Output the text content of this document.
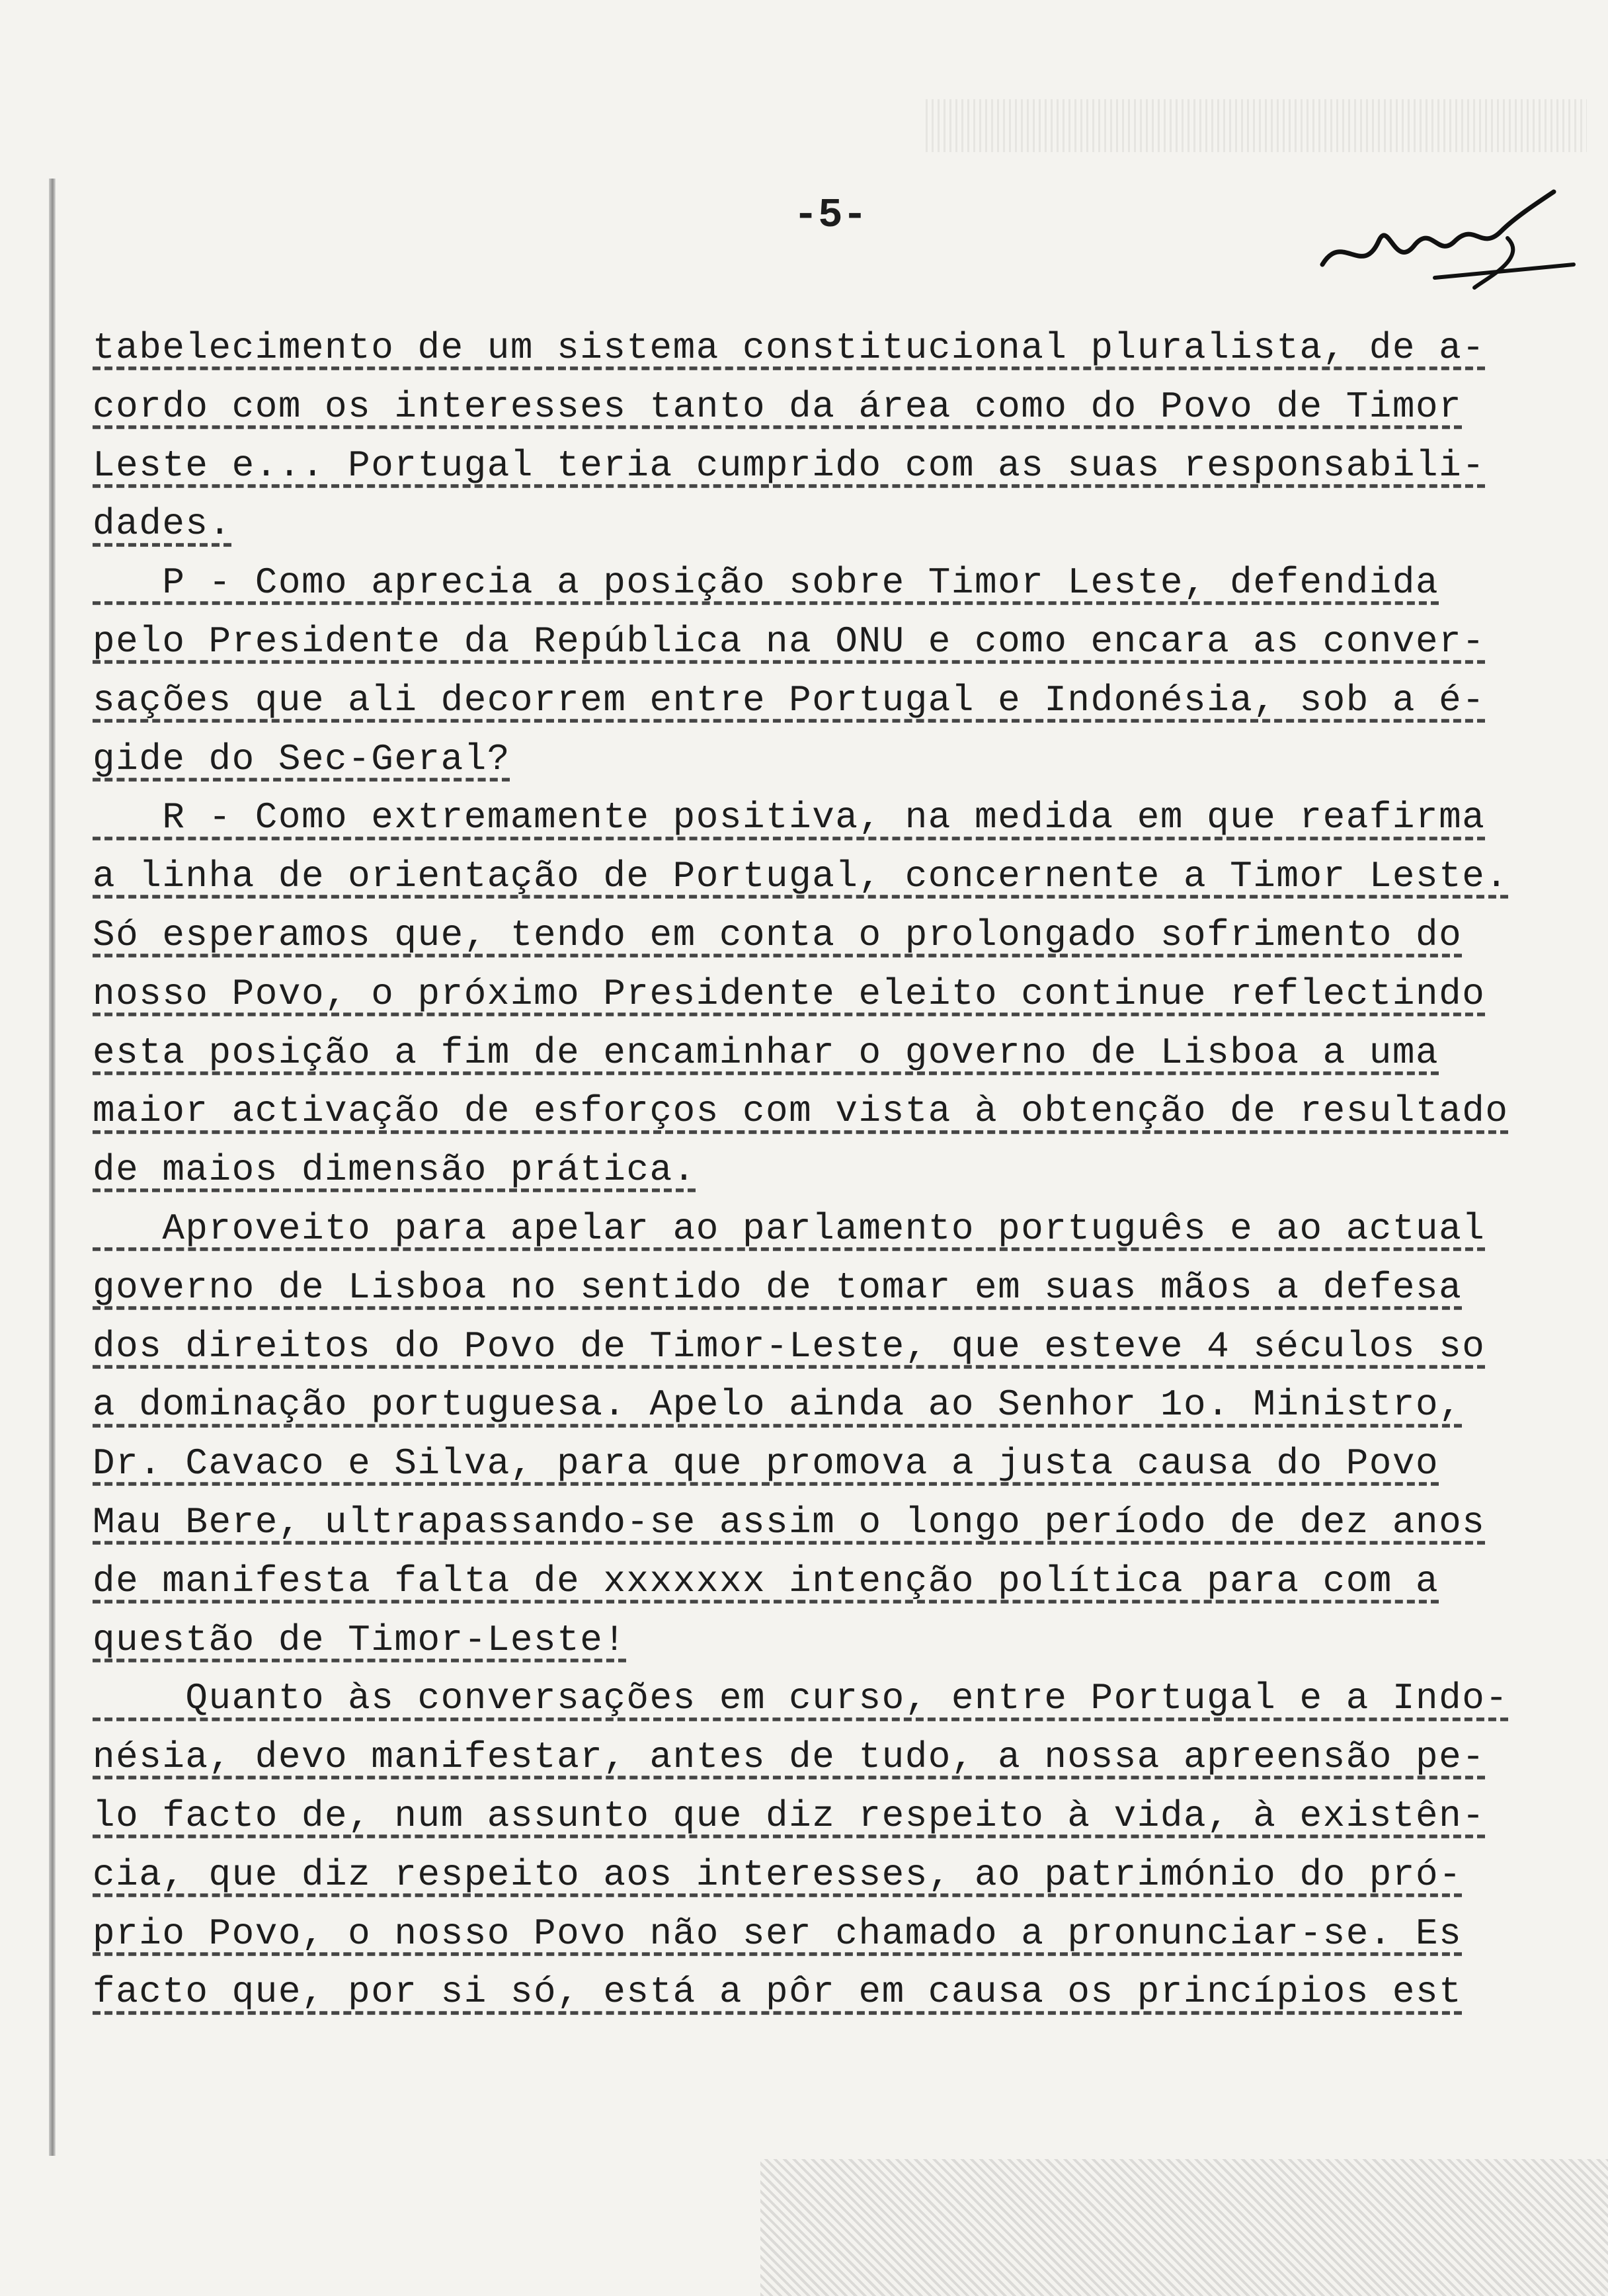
-5-
tabelecimento de um sistema constitucional pluralista, de a-
cordo com os interesses tanto da área como do Povo de Timor
Leste e... Portugal teria cumprido com as suas responsabili-
dades.
P - Como aprecia a posição sobre Timor Leste, defendida
pelo Presidente da República na ONU e como encara as conver-
sações que ali decorrem entre Portugal e Indonésia, sob a é-
gide do Sec-Geral?
R - Como extremamente positiva, na medida em que reafirma
a linha de orientação de Portugal, concernente a Timor Leste.
Só esperamos que, tendo em conta o prolongado sofrimento do
nosso Povo, o próximo Presidente eleito continue reflectindo
esta posição a fim de encaminhar o governo de Lisboa a uma
maior activação de esforços com vista à obtenção de resultado
de maios dimensão prática.
Aproveito para apelar ao parlamento português e ao actual
governo de Lisboa no sentido de tomar em suas mãos a defesa
dos direitos do Povo de Timor-Leste, que esteve 4 séculos so
a dominação portuguesa. Apelo ainda ao Senhor 1o. Ministro,
Dr. Cavaco e Silva, para que promova a justa causa do Povo
Mau Bere, ultrapassando-se assim o longo período de dez anos
de manifesta falta de xxxxxxx intenção política para com a
questão de Timor-Leste!
Quanto às conversações em curso, entre Portugal e a Indo-
nésia, devo manifestar, antes de tudo, a nossa apreensão pe-
lo facto de, num assunto que diz respeito à vida, à existên-
cia, que diz respeito aos interesses, ao património do pró-
prio Povo, o nosso Povo não ser chamado a pronunciar-se. Es
facto que, por si só, está a pôr em causa os princípios est
